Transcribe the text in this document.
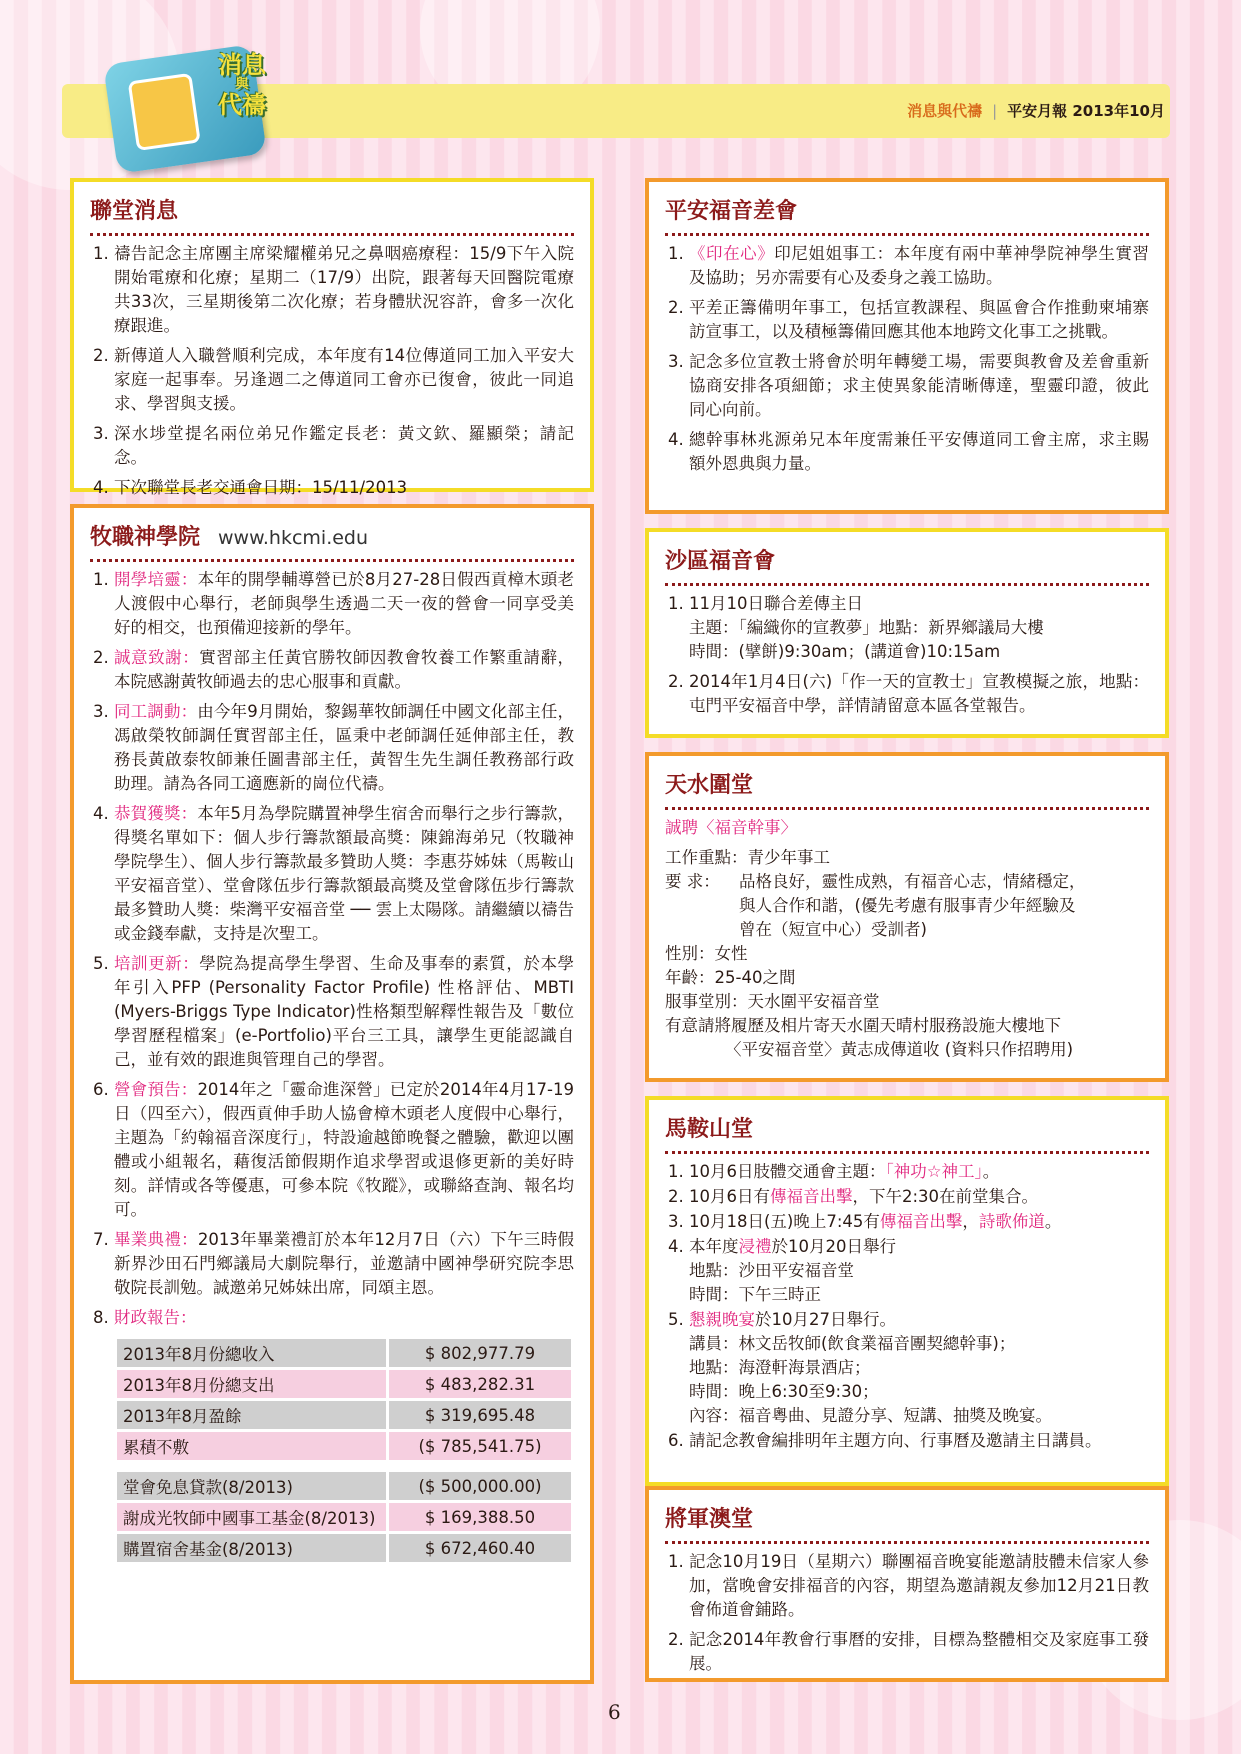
消息
與
代禱	消息與代禱 | 平安月報 2013年10月
聯堂消息
1. 禱告記念主席團主席梁耀權弟兄之鼻咽癌療程：15/9下午入院開始電療和化療；星期二（17/9）出院，跟著每天回醫院電療共33次，三星期後第二次化療；若身體狀況容許，會多一次化療跟進。
2. 新傳道人入職營順利完成，本年度有14位傳道同工加入平安大家庭一起事奉。另逢週二之傳道同工會亦已復會，彼此一同追求、學習與支援。
3. 深水埗堂提名兩位弟兄作鑑定長老：黃文欽、羅顯榮；請記念。
4. 下次聯堂長老交通會日期：15/11/2013
牧職神學院 www.hkcmi.edu
1. 開學培靈：本年的開學輔導營已於8月27-28日假西貢樟木頭老人渡假中心舉行，老師與學生透過二天一夜的營會一同享受美好的相交，也預備迎接新的學年。
2. 誠意致謝：實習部主任黃官勝牧師因教會牧養工作繁重請辭，本院感謝黃牧師過去的忠心服事和貢獻。
3. 同工調動：由今年9月開始，黎錫華牧師調任中國文化部主任，馮啟榮牧師調任實習部主任，區秉中老師調任延伸部主任，教務長黃啟泰牧師兼任圖書部主任，黃智生先生調任教務部行政助理。請為各同工適應新的崗位代禱。
4. 恭賀獲獎：本年5月為學院購置神學生宿舍而舉行之步行籌款，得獎名單如下：個人步行籌款額最高獎：陳錦海弟兄（牧職神學院學生）、個人步行籌款最多贊助人獎：李惠芬姊妹（馬鞍山平安福音堂）、堂會隊伍步行籌款額最高獎及堂會隊伍步行籌款最多贊助人獎：柴灣平安福音堂 ── 雲上太陽隊。請繼續以禱告或金錢奉獻，支持是次聖工。
5. 培訓更新：學院為提高學生學習、生命及事奉的素質，於本學年引入PFP (Personality Factor Profile) 性格評估、MBTI (Myers-Briggs Type Indicator)性格類型解釋性報告及「數位學習歷程檔案」(e-Portfolio)平台三工具，讓學生更能認識自己，並有效的跟進與管理自己的學習。
6. 營會預告：2014年之「靈命進深營」已定於2014年4月17-19日（四至六），假西貢伸手助人協會樟木頭老人度假中心舉行，主題為「約翰福音深度行」，特設逾越節晚餐之體驗，歡迎以團體或小組報名，藉復活節假期作追求學習或退修更新的美好時刻。詳情或各等優惠，可參本院《牧蹤》，或聯絡查詢、報名均可。
7. 畢業典禮：2013年畢業禮訂於本年12月7日（六）下午三時假新界沙田石門鄉議局大劇院舉行，並邀請中國神學研究院李思敬院長訓勉。誠邀弟兄姊妹出席，同頌主恩。
8. 財政報告：
2013年8月份總收入	$ 802,977.79
2013年8月份總支出	$ 483,282.31
2013年8月盈餘	$ 319,695.48
累積不敷	($ 785,541.75)
堂會免息貸款(8/2013)	($ 500,000.00)
謝成光牧師中國事工基金(8/2013)	$ 169,388.50
購置宿舍基金(8/2013)	$ 672,460.40
平安福音差會
1. 《印在心》印尼姐姐事工：本年度有兩中華神學院神學生實習及協助；另亦需要有心及委身之義工協助。
2. 平差正籌備明年事工，包括宣教課程、與區會合作推動柬埔寨訪宣事工，以及積極籌備回應其他本地跨文化事工之挑戰。
3. 記念多位宣教士將會於明年轉變工場，需要與教會及差會重新協商安排各項細節；求主使異象能清晰傳達，聖靈印證，彼此同心向前。
4. 總幹事林兆源弟兄本年度需兼任平安傳道同工會主席，求主賜額外恩典與力量。
沙區福音會
1. 11月10日聯合差傳主日
主題：「編織你的宣教夢」地點：新界鄉議局大樓
時間：(擘餅)9:30am；(講道會)10:15am
2. 2014年1月4日(六)「作一天的宣教士」宣教模擬之旅，地點：屯門平安福音中學，詳情請留意本區各堂報告。
天水圍堂
誠聘〈福音幹事〉
工作重點：青少年事工
要 求：	品格良好，靈性成熟，有福音心志，情緒穩定，
與人合作和諧，(優先考慮有服事青少年經驗及
曾在（短宣中心）受訓者)
性別：女性
年齡：25-40之間
服事堂別：天水圍平安福音堂
有意請將履歷及相片寄天水圍天晴村服務設施大樓地下
〈平安福音堂〉黃志成傳道收 (資料只作招聘用)
馬鞍山堂
1. 10月6日肢體交通會主題：「神功☆神工」。
2. 10月6日有傳福音出擊，下午2:30在前堂集合。
3. 10月18日(五)晚上7:45有傳福音出擊，詩歌佈道。
4. 本年度浸禮於10月20日舉行
地點：沙田平安福音堂
時間：下午三時正
5. 懇親晚宴於10月27日舉行。
講員：林文岳牧師(飲食業福音團契總幹事)；
地點：海澄軒海景酒店；
時間：晚上6:30至9:30；
內容：福音粵曲、見證分享、短講、抽獎及晚宴。
6. 請記念教會編排明年主題方向、行事曆及邀請主日講員。
將軍澳堂
1. 記念10月19日（星期六）聯團福音晚宴能邀請肢體未信家人參加，當晚會安排福音的內容，期望為邀請親友參加12月21日教會佈道會鋪路。
2. 記念2014年教會行事曆的安排，目標為整體相交及家庭事工發展。
6
